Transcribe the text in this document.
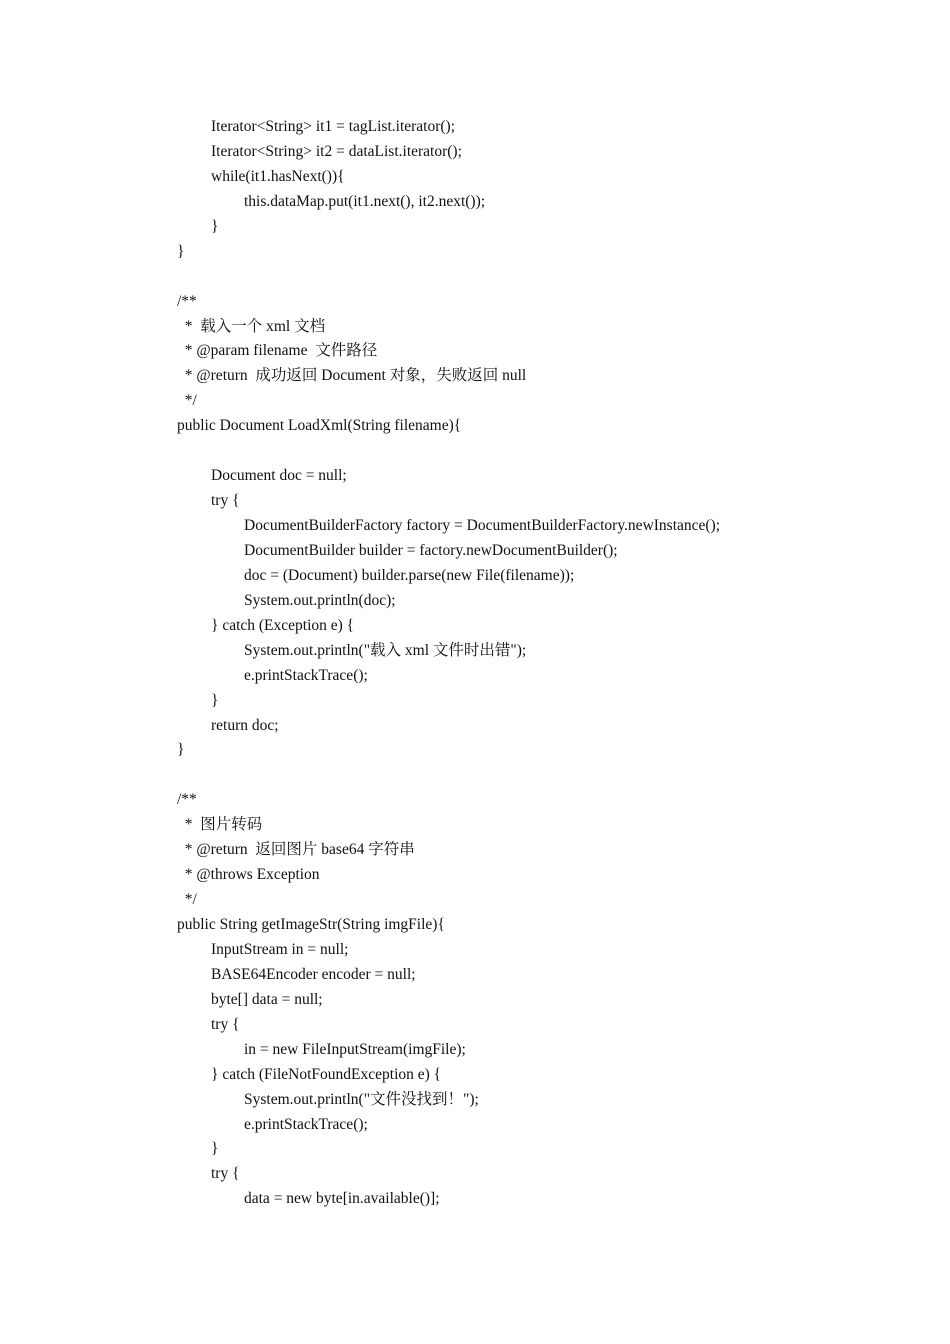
Iterator<String> it1 = tagList.iterator();
Iterator<String> it2 = dataList.iterator();
while(it1.hasNext()){
this.dataMap.put(it1.next(), it2.next());
}
}
/**
*  载入一个 xml 文档
* @param filename  文件路径
* @return  成功返回 Document 对象，失败返回 null
*/
public Document LoadXml(String filename){
Document doc = null;
try {
DocumentBuilderFactory factory = DocumentBuilderFactory.newInstance();
DocumentBuilder builder = factory.newDocumentBuilder();
doc = (Document) builder.parse(new File(filename));
System.out.println(doc);
} catch (Exception e) {
System.out.println("载入 xml 文件时出错");
e.printStackTrace();
}
return doc;
}
/**
*  图片转码
* @return  返回图片 base64 字符串
* @throws Exception
*/
public String getImageStr(String imgFile){
InputStream in = null;
BASE64Encoder encoder = null;
byte[] data = null;
try {
in = new FileInputStream(imgFile);
} catch (FileNotFoundException e) {
System.out.println("文件没找到！");
e.printStackTrace();
}
try {
data = new byte[in.available()];
